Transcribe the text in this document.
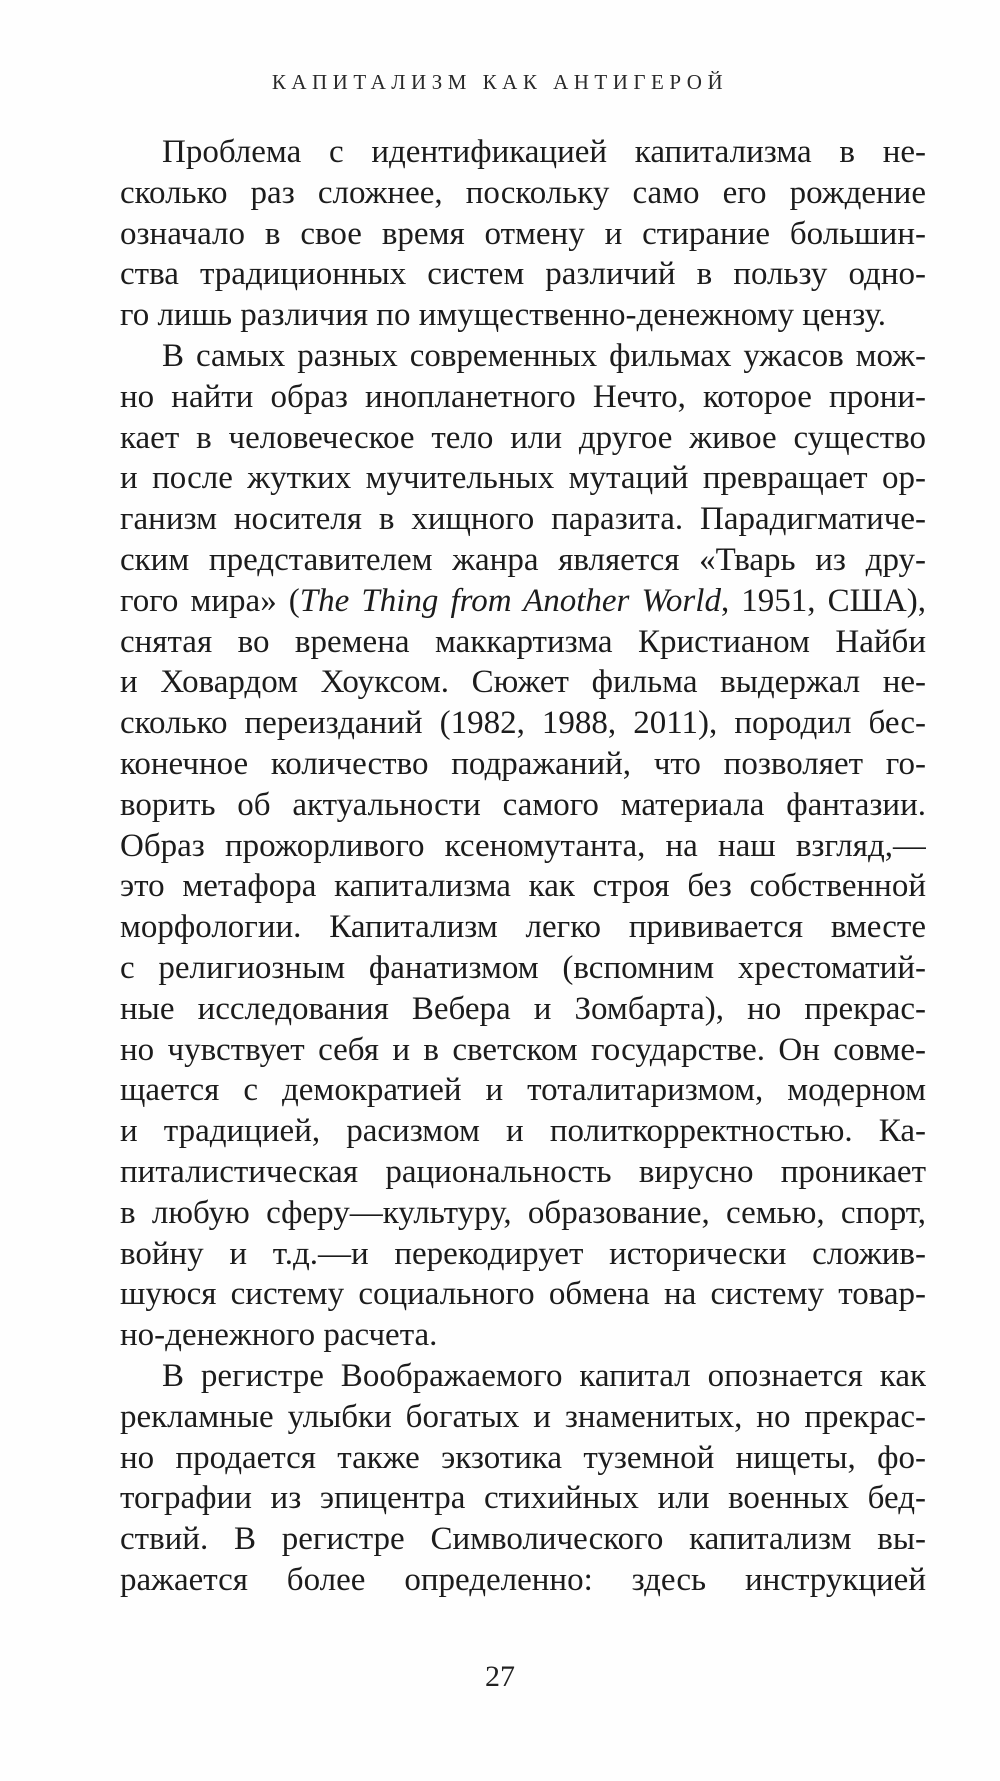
КАПИТАЛИЗМ КАК АНТИГЕРОЙ
Проблема с идентификацией капитализма в не-
сколько раз сложнее, поскольку само его рождение
означало в свое время отмену и стирание большин-
ства традиционных систем различий в пользу одно-
го лишь различия по имущественно-денежному цензу.
В самых разных современных фильмах ужасов мож-
но найти образ инопланетного Нечто, которое прони-
кает в человеческое тело или другое живое существо
и после жутких мучительных мутаций превращает ор-
ганизм носителя в хищного паразита. Парадигматиче-
ским представителем жанра является «Тварь из дру-
гого мира» (The Thing from Another World, 1951, США),
снятая во времена маккартизма Кристианом Найби
и Ховардом Хоуксом. Сюжет фильма выдержал не-
сколько переизданий (1982, 1988, 2011), породил бес-
конечное количество подражаний, что позволяет го-
ворить об актуальности самого материала фантазии.
Образ прожорливого ксеномутанта, на наш взгляд,—
это метафора капитализма как строя без собственной
морфологии. Капитализм легко прививается вместе
с религиозным фанатизмом (вспомним хрестоматий-
ные исследования Вебера и Зомбарта), но прекрас-
но чувствует себя и в светском государстве. Он совме-
щается с демократией и тоталитаризмом, модерном
и традицией, расизмом и политкорректностью. Ка-
питалистическая рациональность вирусно проникает
в любую сферу—культуру, образование, семью, спорт,
войну и т.д.—и перекодирует исторически сложив-
шуюся систему социального обмена на систему товар-
но-денежного расчета.
В регистре Воображаемого капитал опознается как
рекламные улыбки богатых и знаменитых, но прекрас-
но продается также экзотика туземной нищеты, фо-
тографии из эпицентра стихийных или военных бед-
ствий. В регистре Символического капитализм вы-
ражается более определенно: здесь инструкцией
27
